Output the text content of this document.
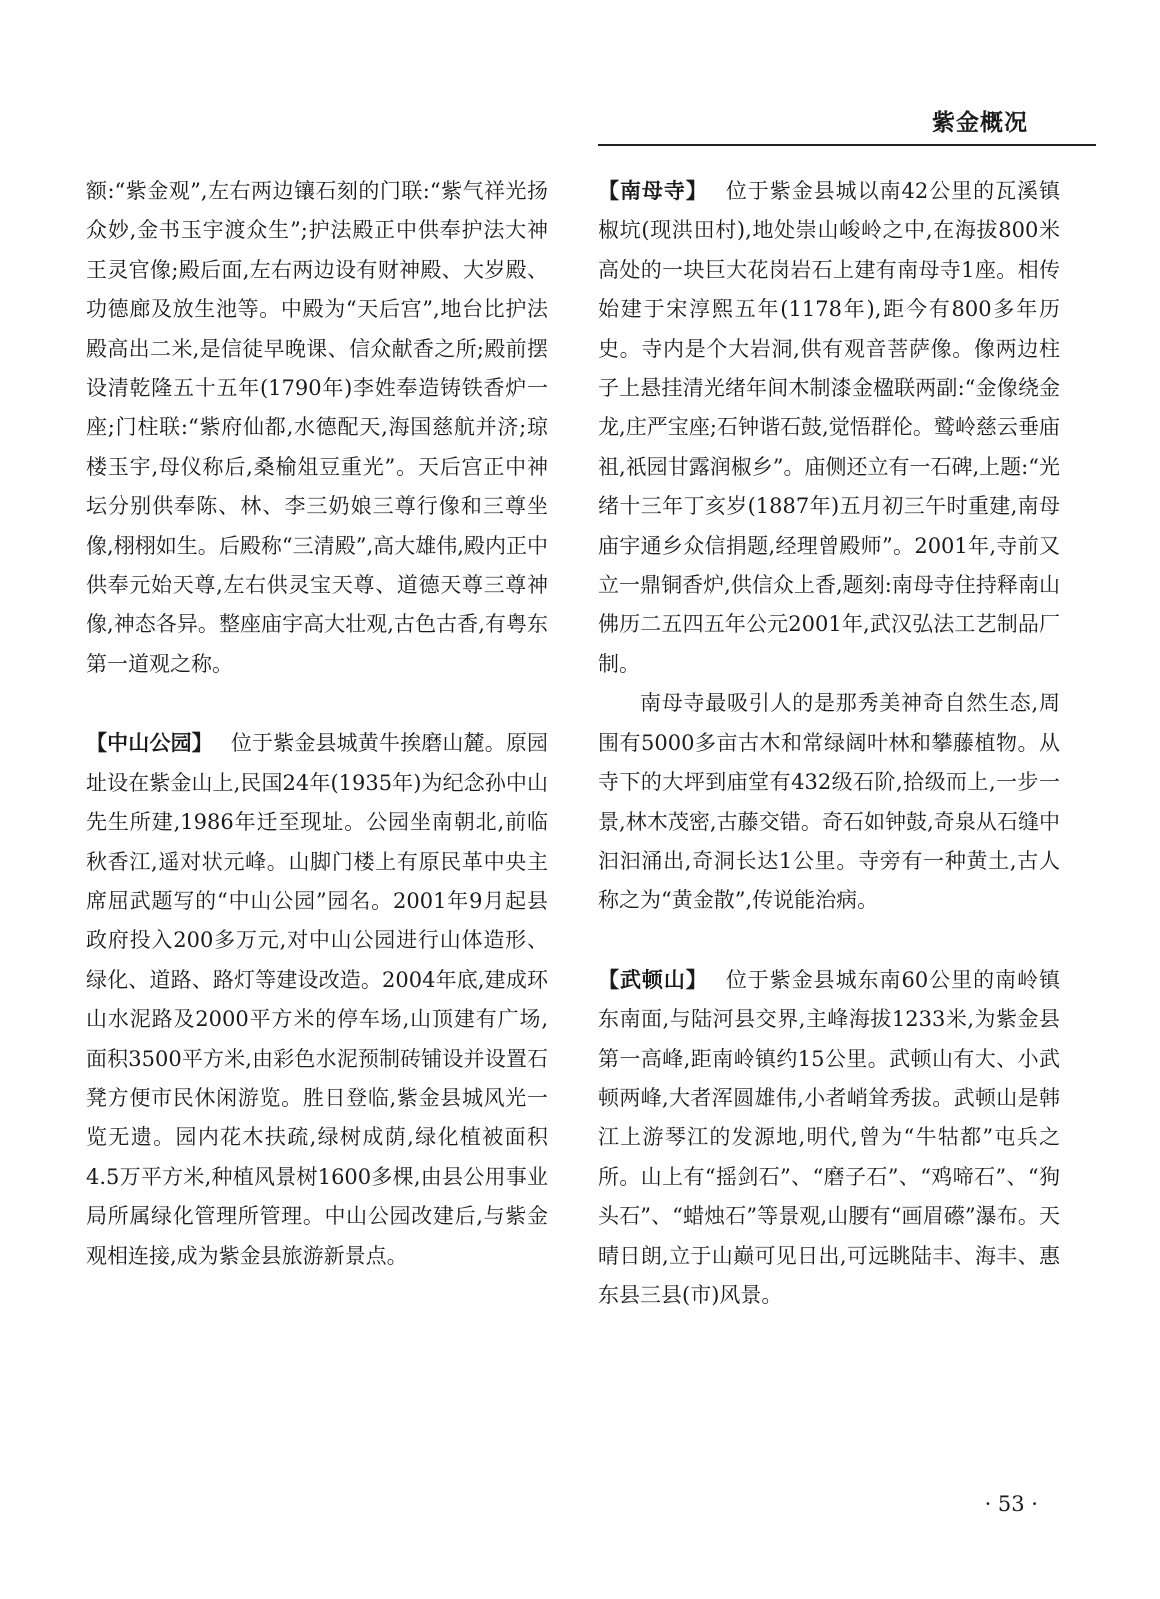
紫金概况

额:“紫金观”,左右两边镶石刻的门联:“紫气祥光扬众妙,金书玉宇渡众生”;护法殿正中供奉护法大神王灵官像;殿后面,左右两边设有财神殿、大岁殿、功德廊及放生池等。中殿为“天后宫”,地台比护法殿高出二米,是信徒早晚课、信众献香之所;殿前摆设清乾隆五十五年(1790年)李姓奉造铸铁香炉一座;门柱联:“紫府仙都,水德配天,海国慈航并济;琼楼玉宇,母仪称后,桑榆俎豆重光”。天后宫正中神坛分别供奉陈、林、李三奶娘三尊行像和三尊坐像,栩栩如生。后殿称“三清殿”,高大雄伟,殿内正中供奉元始天尊,左右供灵宝天尊、道德天尊三尊神像,神态各异。整座庙宇高大壮观,古色古香,有粤东第一道观之称。

【中山公园】 位于紫金县城黄牛挨磨山麓。原园址设在紫金山上,民国24年(1935年)为纪念孙中山先生所建,1986年迁至现址。公园坐南朝北,前临秋香江,遥对状元峰。山脚门楼上有原民革中央主席屈武题写的“中山公园”园名。2001年9月起县政府投入200多万元,对中山公园进行山体造形、绿化、道路、路灯等建设改造。2004年底,建成环山水泥路及2000平方米的停车场,山顶建有广场,面积3500平方米,由彩色水泥预制砖铺设并设置石凳方便市民休闲游览。胜日登临,紫金县城风光一览无遗。园内花木扶疏,绿树成荫,绿化植被面积4.5万平方米,种植风景树1600多棵,由县公用事业局所属绿化管理所管理。中山公园改建后,与紫金观相连接,成为紫金县旅游新景点。

【南母寺】 位于紫金县城以南42公里的瓦溪镇椒坑(现洪田村),地处崇山峻岭之中,在海拔800米高处的一块巨大花岗岩石上建有南母寺1座。相传始建于宋淳熙五年(1178年),距今有800多年历史。寺内是个大岩洞,供有观音菩萨像。像两边柱子上悬挂清光绪年间木制漆金楹联两副:“金像绕金龙,庄严宝座;石钟谐石鼓,觉悟群伦。鹫岭慈云垂庙祖,祇园甘露润椒乡”。庙侧还立有一石碑,上题:“光绪十三年丁亥岁(1887年)五月初三午时重建,南母庙宇通乡众信捐题,经理曾殿师”。2001年,寺前又立一鼎铜香炉,供信众上香,题刻:南母寺住持释南山佛历二五四五年公元2001年,武汉弘法工艺制品厂制。

南母寺最吸引人的是那秀美神奇自然生态,周围有5000多亩古木和常绿阔叶林和攀藤植物。从寺下的大坪到庙堂有432级石阶,拾级而上,一步一景,林木茂密,古藤交错。奇石如钟鼓,奇泉从石缝中汩汩涌出,奇洞长达1公里。寺旁有一种黄土,古人称之为“黄金散”,传说能治病。

【武顿山】 位于紫金县城东南60公里的南岭镇东南面,与陆河县交界,主峰海拔1233米,为紫金县第一高峰,距南岭镇约15公里。武顿山有大、小武顿两峰,大者浑圆雄伟,小者峭耸秀拔。武顿山是韩江上游琴江的发源地,明代,曾为“牛牯都”屯兵之所。山上有“摇剑石”、“磨子石”、“鸡啼石”、“狗头石”、“蜡烛石”等景观,山腰有“画眉礤”瀑布。天晴日朗,立于山巅可见日出,可远眺陆丰、海丰、惠东县三县(市)风景。

· 53 ·
